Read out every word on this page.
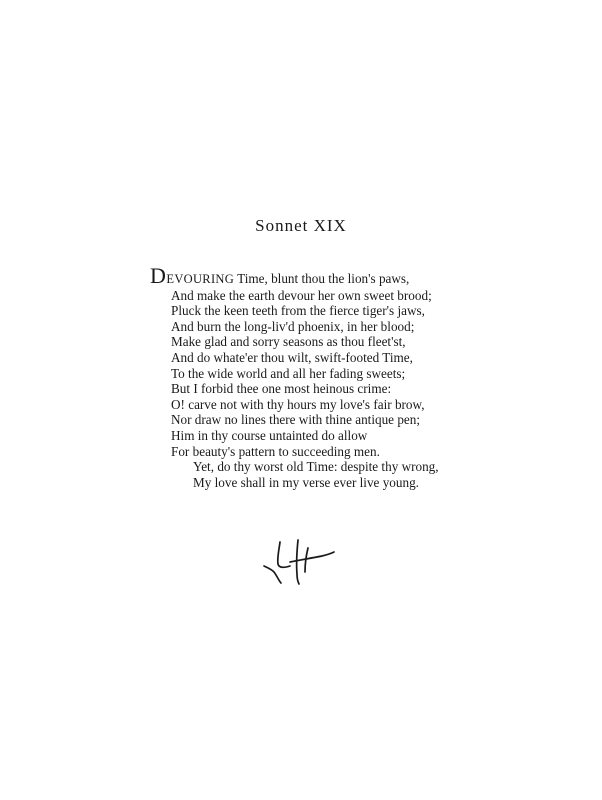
Sonnet XIX
DEVOURING Time, blunt thou the lion's paws,
And make the earth devour her own sweet brood;
Pluck the keen teeth from the fierce tiger's jaws,
And burn the long-liv'd phoenix, in her blood;
Make glad and sorry seasons as thou fleet'st,
And do whate'er thou wilt, swift-footed Time,
To the wide world and all her fading sweets;
But I forbid thee one most heinous crime:
O! carve not with thy hours my love's fair brow,
Nor draw no lines there with thine antique pen;
Him in thy course untainted do allow
For beauty's pattern to succeeding men.
Yet, do thy worst old Time: despite thy wrong,
My love shall in my verse ever live young.
